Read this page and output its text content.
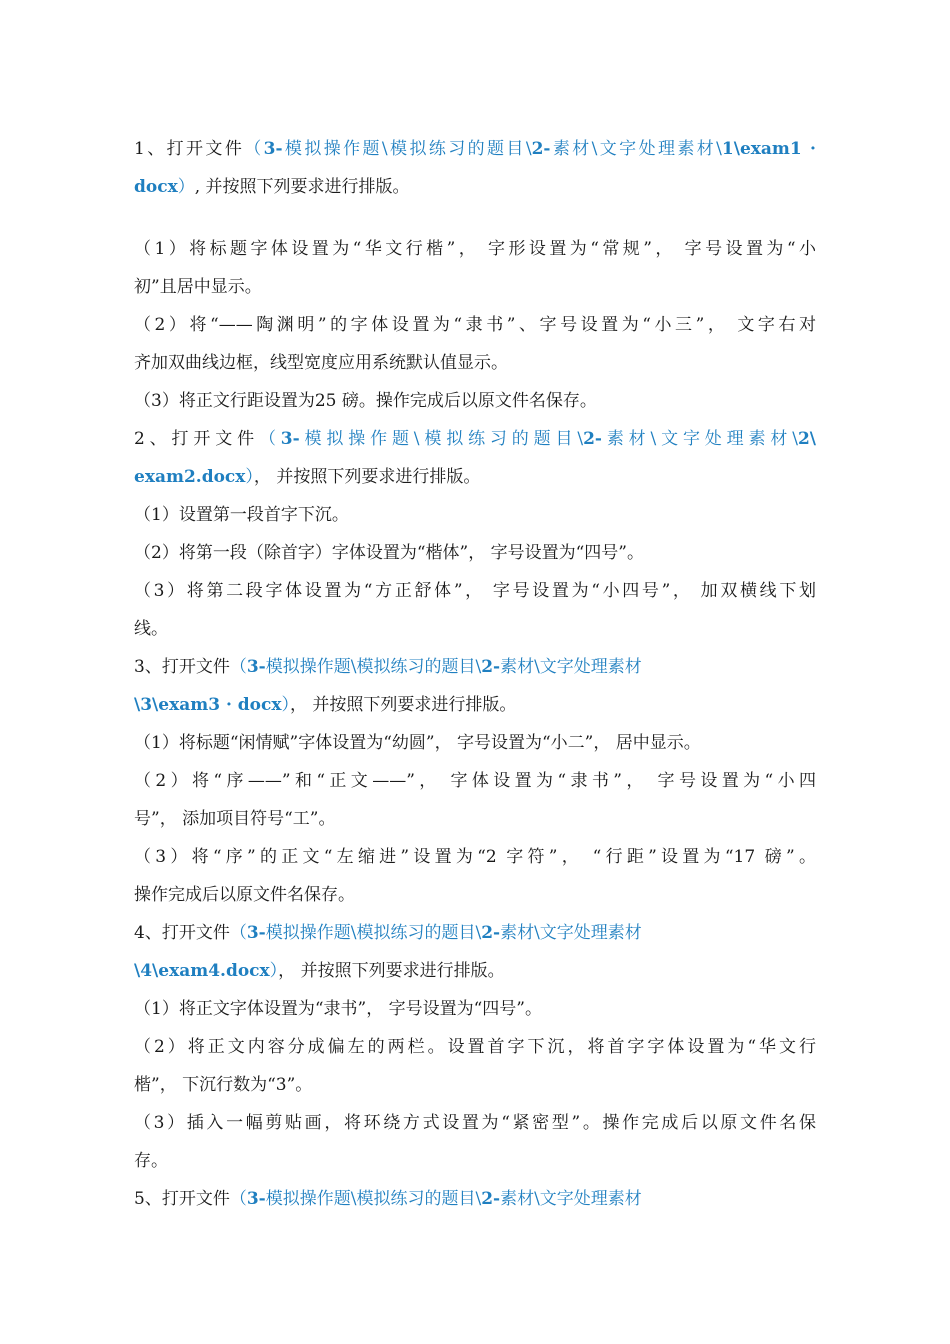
1、打开文件（3-模拟操作题\模拟练习的题目\2-素材\文字处理素材\1\exam1 ·
docx）, 并按照下列要求进行排版。
（1）将标题字体设置为“华文行楷”， 字形设置为“常规”， 字号设置为“小
初”且居中显示。
（2）将“——陶渊明”的字体设置为“隶书”、字号设置为“小三”， 文字右对
齐加双曲线边框，线型宽度应用系统默认值显示。
（3）将正文行距设置为25 磅。操作完成后以原文件名保存。
2、打开文件（3-模拟操作题\模拟练习的题目\2-素材\文字处理素材\2\
exam2.docx）， 并按照下列要求进行排版。
（1）设置第一段首字下沉。
（2）将第一段（除首字）字体设置为“楷体”， 字号设置为“四号”。
（3）将第二段字体设置为“方正舒体”， 字号设置为“小四号”， 加双横线下划
线。
3、打开文件（3-模拟操作题\模拟练习的题目\2-素材\文字处理素材
\3\exam3 · docx）， 并按照下列要求进行排版。
（1）将标题“闲情赋”字体设置为“幼圆”， 字号设置为“小二”， 居中显示。
（2）将“序——”和“正文——”， 字体设置为“隶书”， 字号设置为“小四
号”， 添加项目符号“工”。
（3）将“序”的正文“左缩进”设置为“2 字符”， “行距”设置为“17 磅”。
操作完成后以原文件名保存。
4、打开文件（3-模拟操作题\模拟练习的题目\2-素材\文字处理素材
\4\exam4.docx）， 并按照下列要求进行排版。
（1）将正文字体设置为“隶书”， 字号设置为“四号”。
（2）将正文内容分成偏左的两栏。设置首字下沉，将首字字体设置为“华文行
楷”， 下沉行数为“3”。
（3）插入一幅剪贴画，将环绕方式设置为“紧密型”。操作完成后以原文件名保
存。
5、打开文件（3-模拟操作题\模拟练习的题目\2-素材\文字处理素材
